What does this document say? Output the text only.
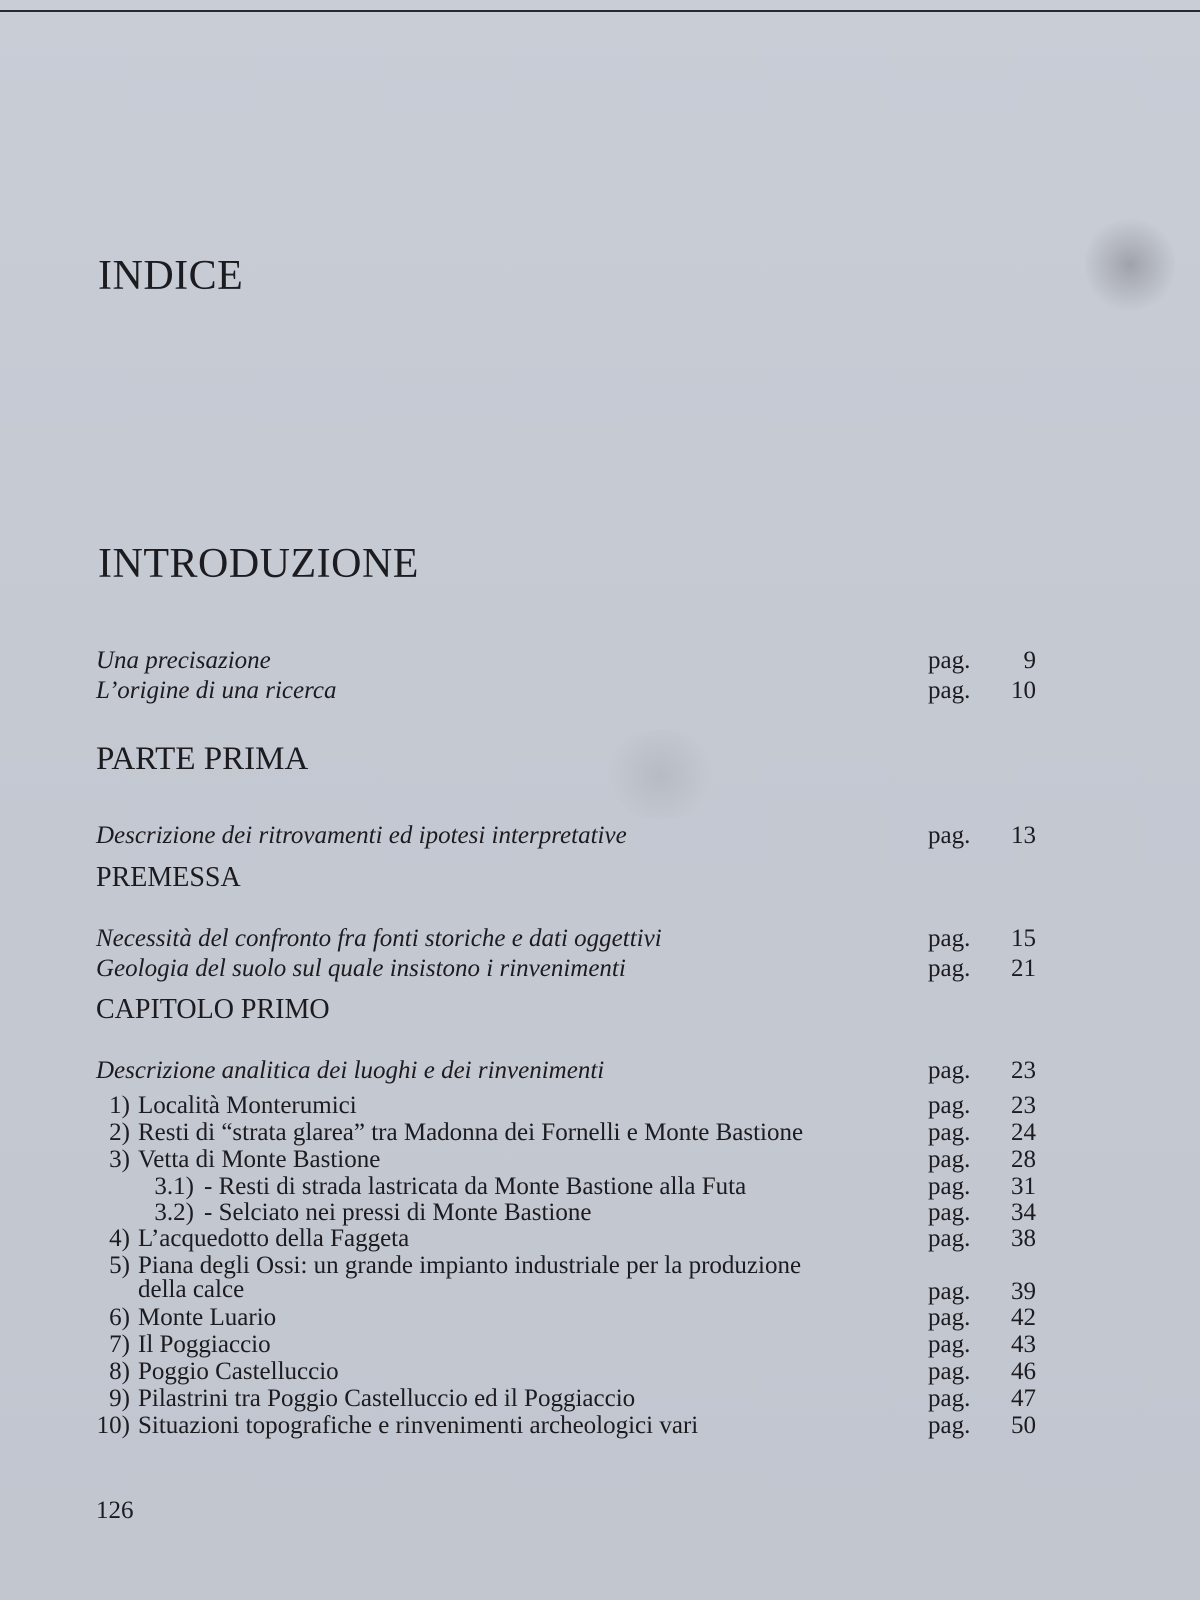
INDICE
INTRODUZIONE
Una precisazione	pag. 9
L’origine di una ricerca	pag. 10
PARTE PRIMA
Descrizione dei ritrovamenti ed ipotesi interpretative	pag. 13
PREMESSA
Necessità del confronto fra fonti storiche e dati oggettivi	pag. 15
Geologia del suolo sul quale insistono i rinvenimenti	pag. 21
CAPITOLO PRIMO
Descrizione analitica dei luoghi e dei rinvenimenti	pag. 23
1) Località Monterumici	pag. 23
2) Resti di “strata glarea” tra Madonna dei Fornelli e Monte Bastione	pag. 24
3) Vetta di Monte Bastione	pag. 28
3.1) - Resti di strada lastricata da Monte Bastione alla Futa	pag. 31
3.2) - Selciato nei pressi di Monte Bastione	pag. 34
4) L’acquedotto della Faggeta	pag. 38
5) Piana degli Ossi: un grande impianto industriale per la produzione
della calce	pag. 39
6) Monte Luario	pag. 42
7) Il Poggiaccio	pag. 43
8) Poggio Castelluccio	pag. 46
9) Pilastrini tra Poggio Castelluccio ed il Poggiaccio	pag. 47
10) Situazioni topografiche e rinvenimenti archeologici vari	pag. 50
126
